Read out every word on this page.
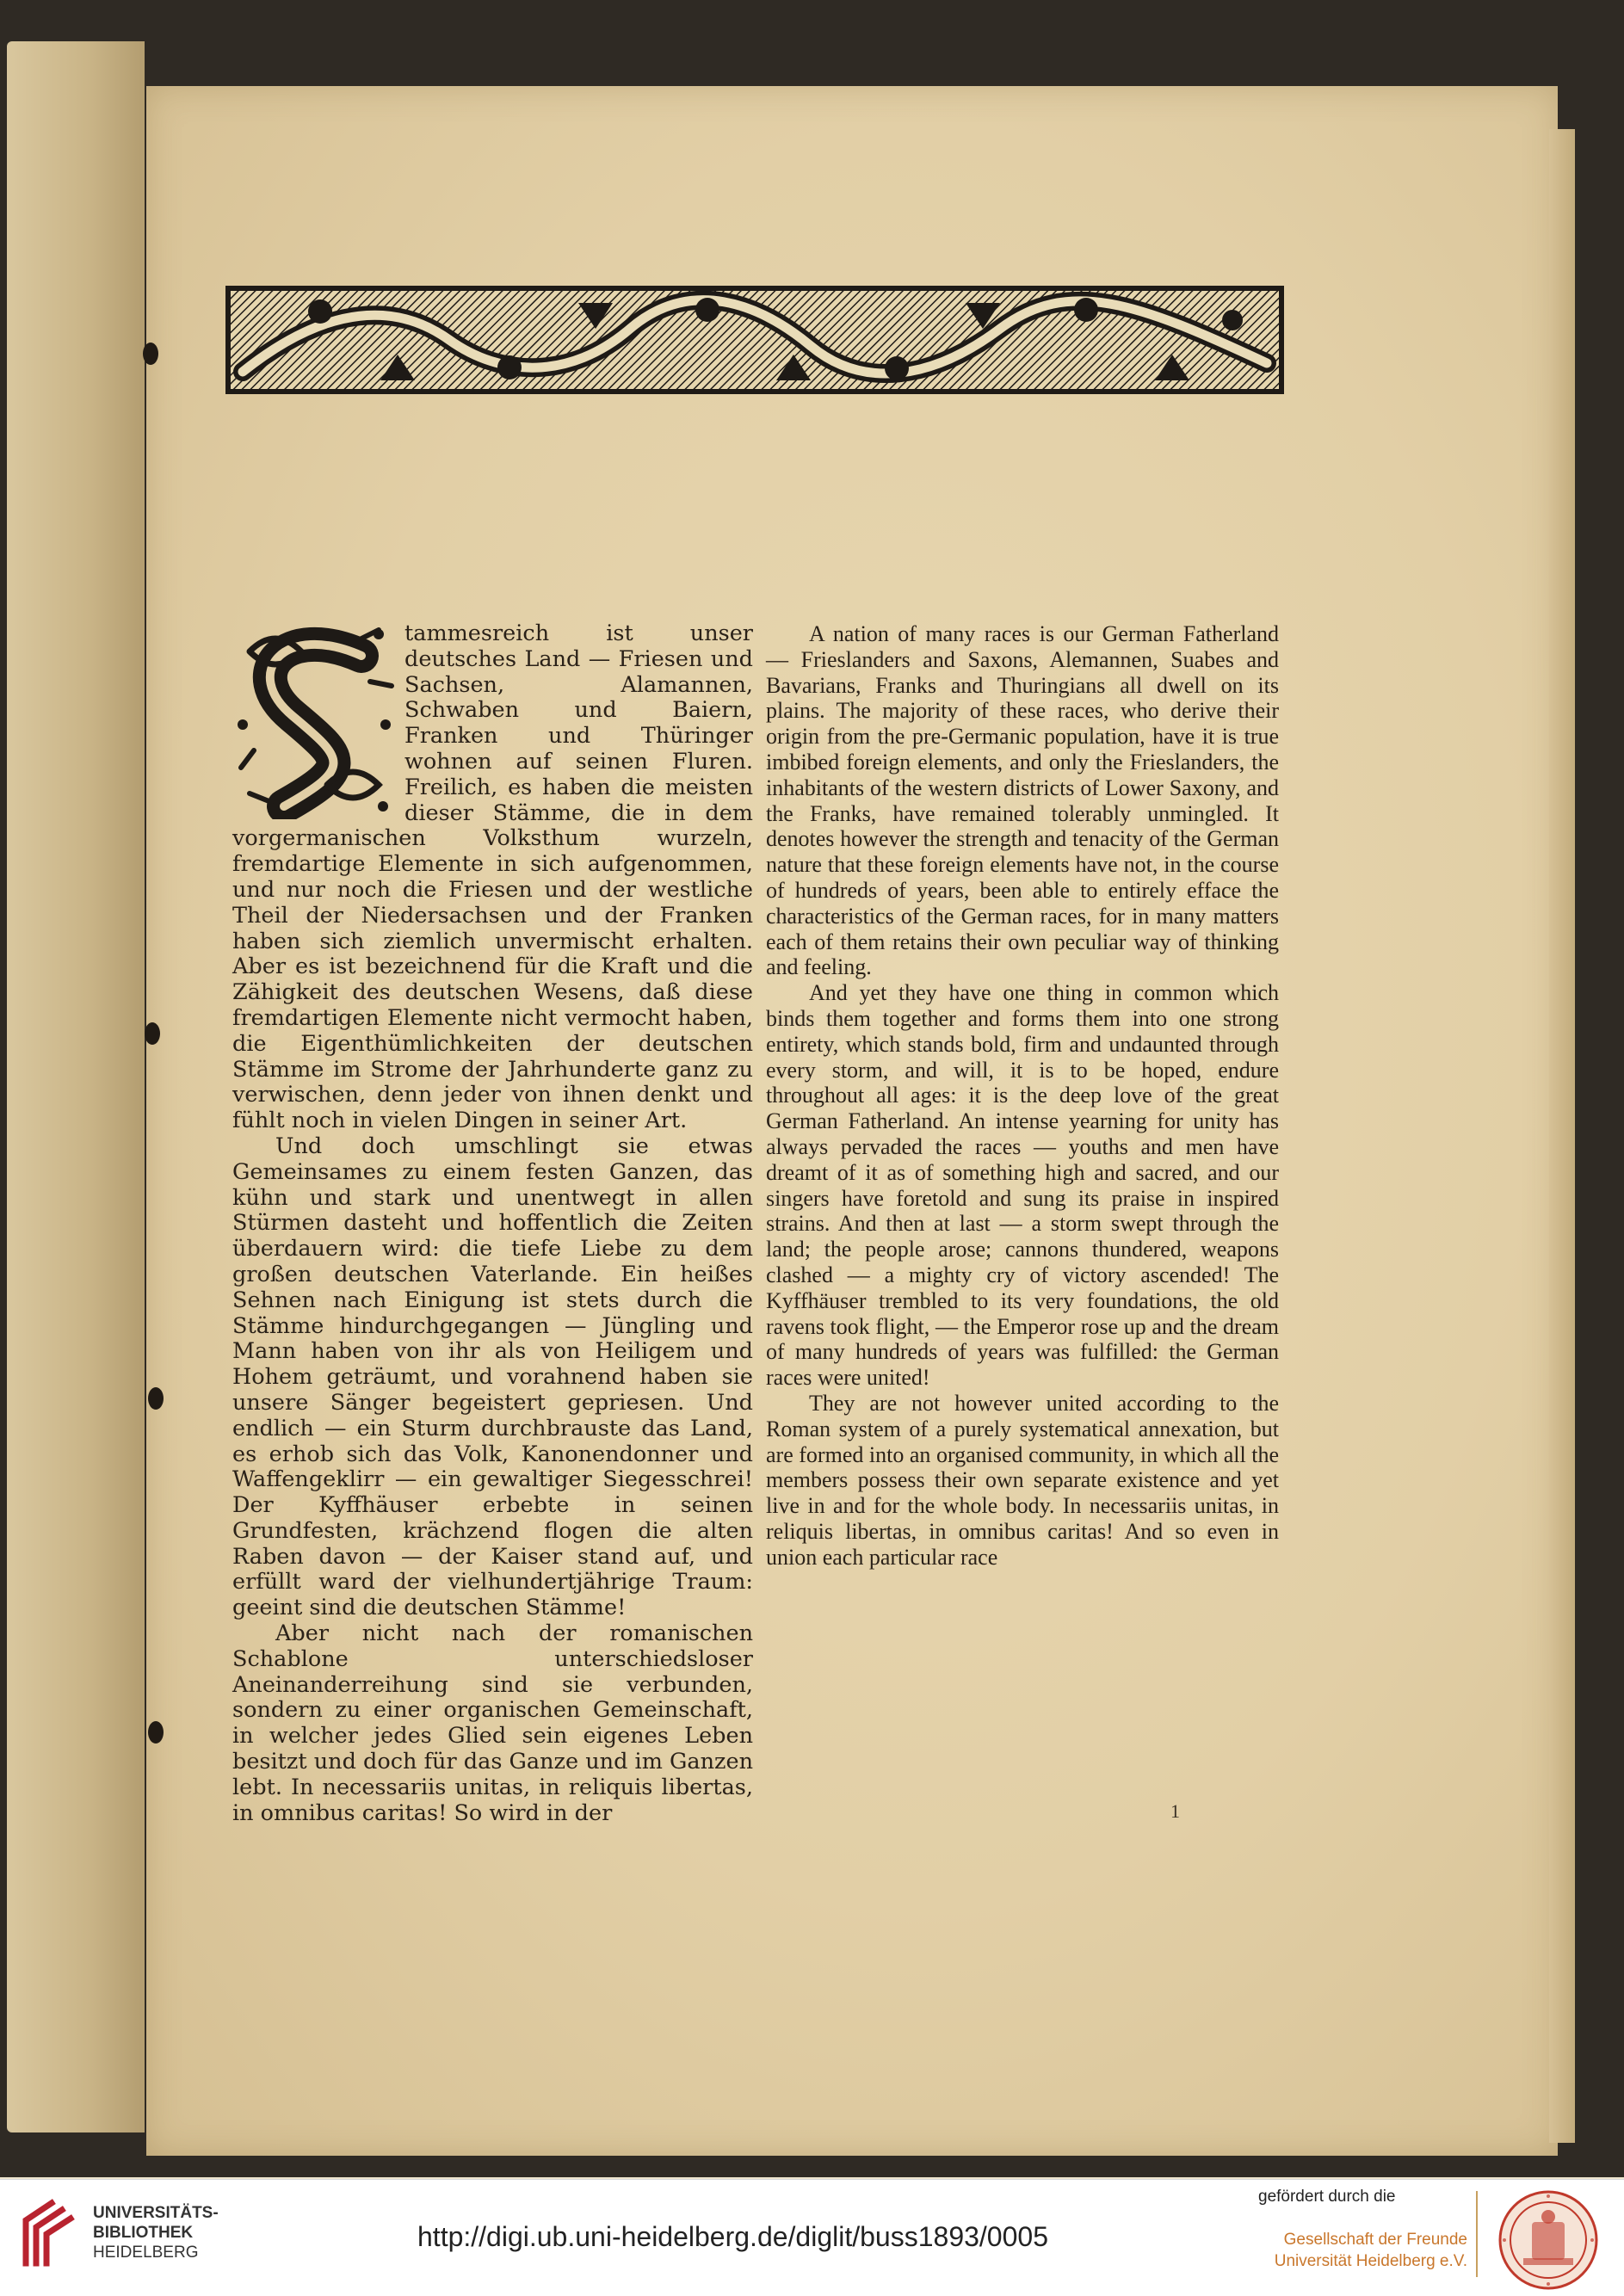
tammesreich ist unser deutsches Land — Friesen und Sachsen, Alamannen, Schwaben und Baiern, Franken und Thüringer wohnen auf seinen Fluren. Freilich, es haben die meisten dieser Stämme, die in dem vorgermanischen Volksthum wurzeln, fremdartige Elemente in sich aufgenommen, und nur noch die Friesen und der westliche Theil der Niedersachsen und der Franken haben sich ziemlich unvermischt erhalten. Aber es ist bezeichnend für die Kraft und die Zähigkeit des deutschen Wesens, daß diese fremdartigen Elemente nicht vermocht haben, die Eigenthümlichkeiten der deutschen Stämme im Strome der Jahrhunderte ganz zu verwischen, denn jeder von ihnen denkt und fühlt noch in vielen Dingen in seiner Art.

Und doch umschlingt sie etwas Gemeinsames zu einem festen Ganzen, das kühn und stark und unentwegt in allen Stürmen dasteht und hoffentlich die Zeiten überdauern wird: die tiefe Liebe zu dem großen deutschen Vaterlande. Ein heißes Sehnen nach Einigung ist stets durch die Stämme hindurchgegangen — Jüngling und Mann haben von ihr als von Heiligem und Hohem geträumt, und vorahnend haben sie unsere Sänger begeistert gepriesen. Und endlich — ein Sturm durchbrauste das Land, es erhob sich das Volk, Kanonendonner und Waffengeklirr — ein gewaltiger Siegesschrei! Der Kyffhäuser erbebte in seinen Grundfesten, krächzend flogen die alten Raben davon — der Kaiser stand auf, und erfüllt ward der vielhundertjährige Traum: geeint sind die deutschen Stämme!

Aber nicht nach der romanischen Schablone unterschiedsloser Aneinanderreihung sind sie verbunden, sondern zu einer organischen Gemeinschaft, in welcher jedes Glied sein eigenes Leben besitzt und doch für das Ganze und im Ganzen lebt. In necessariis unitas, in reliquis libertas, in omnibus caritas! So wird in der

A nation of many races is our German Fatherland — Frieslanders and Saxons, Alemannen, Suabes and Bavarians, Franks and Thuringians all dwell on its plains. The majority of these races, who derive their origin from the pre-Germanic population, have it is true imbibed foreign elements, and only the Frieslanders, the inhabitants of the western districts of Lower Saxony, and the Franks, have remained tolerably unmingled. It denotes however the strength and tenacity of the German nature that these foreign elements have not, in the course of hundreds of years, been able to entirely efface the characteristics of the German races, for in many matters each of them retains their own peculiar way of thinking and feeling.

And yet they have one thing in common which binds them together and forms them into one strong entirety, which stands bold, firm and undaunted through every storm, and will, it is to be hoped, endure throughout all ages: it is the deep love of the great German Fatherland. An intense yearning for unity has always pervaded the races — youths and men have dreamt of it as of something high and sacred, and our singers have foretold and sung its praise in inspired strains. And then at last — a storm swept through the land; the people arose; cannons thundered, weapons clashed — a mighty cry of victory ascended! The Kyffhäuser trembled to its very foundations, the old ravens took flight, — the Emperor rose up and the dream of many hundreds of years was fulfilled: the German races were united!

They are not however united according to the Roman system of a purely systematical annexation, but are formed into an organised community, in which all the members possess their own separate existence and yet live in and for the whole body. In necessariis unitas, in reliquis libertas, in omnibus caritas! And so even in union each particular race

1
UNIVERSITÄTS-
BIBLIOTHEK
HEIDELBERG
http://digi.ub.uni-heidelberg.de/diglit/buss1893/0005
gefördert durch die
Gesellschaft der Freunde
Universität Heidelberg e.V.
